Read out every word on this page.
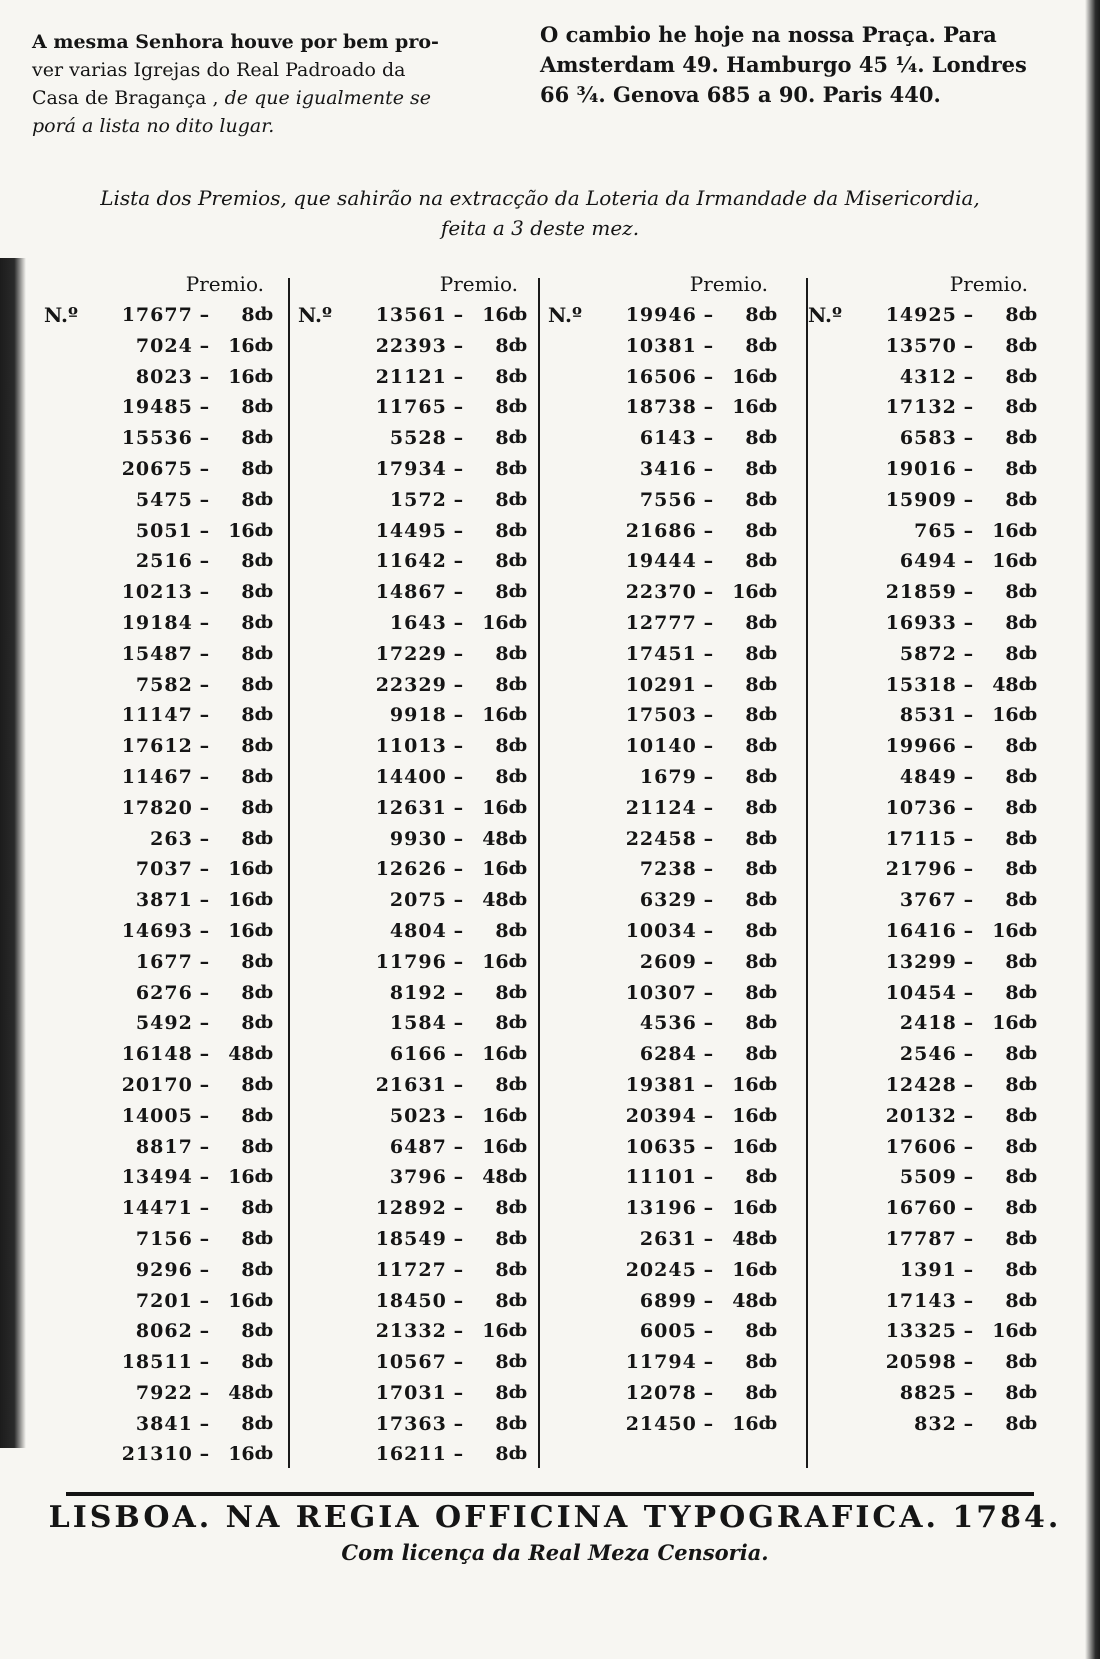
A mesma Senhora houve por bem pro-
ver varias Igrejas do Real Padroado da
Casa de Bragança , de que igualmente se
porá a lista no dito lugar.
O cambio he hoje na nossa Praça. Para
Amsterdam 49. Hamburgo 45 ¼. Londres
66 ¾. Genova 685 a 90. Paris 440.
Lista dos Premios, que sahirão na extracção da Loteria da Irmandade da Misericordia,
feita a 3 deste mez.
Premio.
N.º	17677 –	8 ȸ
7024 –	16 ȸ
8023 –	16 ȸ
19485 –	8 ȸ
15536 –	8 ȸ
20675 –	8 ȸ
5475 –	8 ȸ
5051 –	16 ȸ
2516 –	8 ȸ
10213 –	8 ȸ
19184 –	8 ȸ
15487 –	8 ȸ
7582 –	8 ȸ
11147 –	8 ȸ
17612 –	8 ȸ
11467 –	8 ȸ
17820 –	8 ȸ
263 –	8 ȸ
7037 –	16 ȸ
3871 –	16 ȸ
14693 –	16 ȸ
1677 –	8 ȸ
6276 –	8 ȸ
5492 –	8 ȸ
16148 –	48 ȸ
20170 –	8 ȸ
14005 –	8 ȸ
8817 –	8 ȸ
13494 –	16 ȸ
14471 –	8 ȸ
7156 –	8 ȸ
9296 –	8 ȸ
7201 –	16 ȸ
8062 –	8 ȸ
18511 –	8 ȸ
7922 –	48 ȸ
3841 –	8 ȸ
21310 –	16 ȸ
Premio.
N.º	13561 –	16 ȸ
22393 –	8 ȸ
21121 –	8 ȸ
11765 –	8 ȸ
5528 –	8 ȸ
17934 –	8 ȸ
1572 –	8 ȸ
14495 –	8 ȸ
11642 –	8 ȸ
14867 –	8 ȸ
1643 –	16 ȸ
17229 –	8 ȸ
22329 –	8 ȸ
9918 –	16 ȸ
11013 –	8 ȸ
14400 –	8 ȸ
12631 –	16 ȸ
9930 –	48 ȸ
12626 –	16 ȸ
2075 –	48 ȸ
4804 –	8 ȸ
11796 –	16 ȸ
8192 –	8 ȸ
1584 –	8 ȸ
6166 –	16 ȸ
21631 –	8 ȸ
5023 –	16 ȸ
6487 –	16 ȸ
3796 –	48 ȸ
12892 –	8 ȸ
18549 –	8 ȸ
11727 –	8 ȸ
18450 –	8 ȸ
21332 –	16 ȸ
10567 –	8 ȸ
17031 –	8 ȸ
17363 –	8 ȸ
16211 –	8 ȸ
Premio.
N.º	19946 –	8 ȸ
10381 –	8 ȸ
16506 –	16 ȸ
18738 –	16 ȸ
6143 –	8 ȸ
3416 –	8 ȸ
7556 –	8 ȸ
21686 –	8 ȸ
19444 –	8 ȸ
22370 –	16 ȸ
12777 –	8 ȸ
17451 –	8 ȸ
10291 –	8 ȸ
17503 –	8 ȸ
10140 –	8 ȸ
1679 –	8 ȸ
21124 –	8 ȸ
22458 –	8 ȸ
7238 –	8 ȸ
6329 –	8 ȸ
10034 –	8 ȸ
2609 –	8 ȸ
10307 –	8 ȸ
4536 –	8 ȸ
6284 –	8 ȸ
19381 –	16 ȸ
20394 –	16 ȸ
10635 –	16 ȸ
11101 –	8 ȸ
13196 –	16 ȸ
2631 –	48 ȸ
20245 –	16 ȸ
6899 –	48 ȸ
6005 –	8 ȸ
11794 –	8 ȸ
12078 –	8 ȸ
21450 –	16 ȸ
Premio.
N.º	14925 –	8 ȸ
13570 –	8 ȸ
4312 –	8 ȸ
17132 –	8 ȸ
6583 –	8 ȸ
19016 –	8 ȸ
15909 –	8 ȸ
765 –	16 ȸ
6494 –	16 ȸ
21859 –	8 ȸ
16933 –	8 ȸ
5872 –	8 ȸ
15318 –	48 ȸ
8531 –	16 ȸ
19966 –	8 ȸ
4849 –	8 ȸ
10736 –	8 ȸ
17115 –	8 ȸ
21796 –	8 ȸ
3767 –	8 ȸ
16416 –	16 ȸ
13299 –	8 ȸ
10454 –	8 ȸ
2418 –	16 ȸ
2546 –	8 ȸ
12428 –	8 ȸ
20132 –	8 ȸ
17606 –	8 ȸ
5509 –	8 ȸ
16760 –	8 ȸ
17787 –	8 ȸ
1391 –	8 ȸ
17143 –	8 ȸ
13325 –	16 ȸ
20598 –	8 ȸ
8825 –	8 ȸ
832 –	8 ȸ
LISBOA. NA REGIA OFFICINA TYPOGRAFICA. 1784.
Com licença da Real Meza Censoria.
